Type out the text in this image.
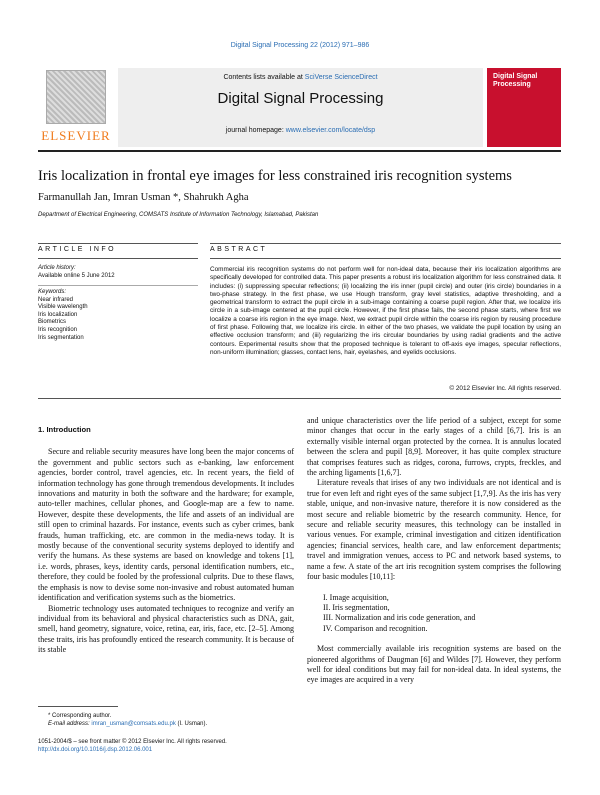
Digital Signal Processing 22 (2012) 971–986
ELSEVIER
Contents lists available at SciVerse ScienceDirect
Digital Signal Processing
journal homepage: www.elsevier.com/locate/dsp
Digital Signal Processing
Iris localization in frontal eye images for less constrained iris recognition systems
Farmanullah Jan, Imran Usman *, Shahrukh Agha
Department of Electrical Engineering, COMSATS Institute of Information Technology, Islamabad, Pakistan
ARTICLE INFO	ABSTRACT
Article history:
Available online 5 June 2012
Keywords:
Near infrared
Visible wavelength
Iris localization
Biometrics
Iris recognition
Iris segmentation
Commercial iris recognition systems do not perform well for non-ideal data, because their iris localization algorithms are specifically developed for controlled data. This paper presents a robust iris localization algorithm for less constrained data. It includes: (i) suppressing specular reflections; (ii) localizing the iris inner (pupil circle) and outer (iris circle) boundaries in a two-phase strategy. In the first phase, we use Hough transform, gray level statistics, adaptive thresholding, and a geometrical transform to extract the pupil circle in a sub-image containing a coarse pupil region. After that, we localize iris circle in a sub-image centered at the pupil circle. However, if the first phase fails, the second phase starts, where first we localize a coarse iris region in the eye image. Next, we extract pupil circle within the coarse iris region by reusing procedure of first phase. Following that, we localize iris circle. In either of the two phases, we validate the pupil location by using an effective occlusion transform; and (iii) regularizing the iris circular boundaries by using radial gradients and the active contours. Experimental results show that the proposed technique is tolerant to off-axis eye images, specular reflections, non-uniform illumination; glasses, contact lens, hair, eyelashes, and eyelids occlusions.
© 2012 Elsevier Inc. All rights reserved.
1. Introduction

Secure and reliable security measures have long been the major concerns of the government and public sectors such as e-banking, law enforcement agencies, border control, travel agencies, etc. In recent years, the field of information technology has gone through tremendous developments. It includes innovations and maturity in both the software and the hardware; for example, auto-teller machines, cellular phones, and Google-map are a few to name. However, despite these developments, the life and assets of an individual are still open to criminal hazards. For instance, events such as cyber crimes, bank frauds, human trafficking, etc. are common in the media-news today. It is mostly because of the conventional security systems deployed to identify and verify the humans. As these systems are based on knowledge and tokens [1], i.e. words, phrases, keys, identity cards, personal identification numbers, etc., therefore, they could be fooled by the professional culprits. Due to these flaws, the emphasis is now to devise some non-invasive and robust automated human identification and verification systems such as the biometrics.

Biometric technology uses automated techniques to recognize and verify an individual from its behavioral and physical characteristics such as DNA, gait, smell, hand geometry, signature, voice, retina, ear, iris, face, etc. [2–5]. Among these traits, iris has profoundly enticed the research community. It is because of its stable

and unique characteristics over the life period of a subject, except for some minor changes that occur in the early stages of a child [6,7]. Iris is an externally visible internal organ protected by the cornea. It is annulus located between the sclera and pupil [8,9]. Moreover, it has quite complex structure that comprises features such as ridges, corona, furrows, crypts, freckles, and the arching ligaments [1,6,7].

Literature reveals that irises of any two individuals are not identical and is true for even left and right eyes of the same subject [1,7,9]. As the iris has very stable, unique, and non-invasive nature, therefore it is now considered as the most secure and reliable biometric by the research community. Hence, for secure and reliable security measures, this technology can be installed in various venues. For example, criminal investigation and citizen identification agencies; financial services, health care, and law enforcement departments; travel and immigration venues, access to PC and network based systems, to name a few. A state of the art iris recognition system comprises the following four basic modules [10,11]:

I. Image acquisition,
II. Iris segmentation,
III. Normalization and iris code generation, and
IV. Comparison and recognition.

Most commercially available iris recognition systems are based on the pioneered algorithms of Daugman [6] and Wildes [7]. However, they perform well for ideal conditions but may fail for non-ideal data. In ideal systems, the eye images are acquired in a very

* Corresponding author.
E-mail address: imran_usman@comsats.edu.pk (I. Usman).
1051-2004/$ – see front matter © 2012 Elsevier Inc. All rights reserved.
http://dx.doi.org/10.1016/j.dsp.2012.06.001
